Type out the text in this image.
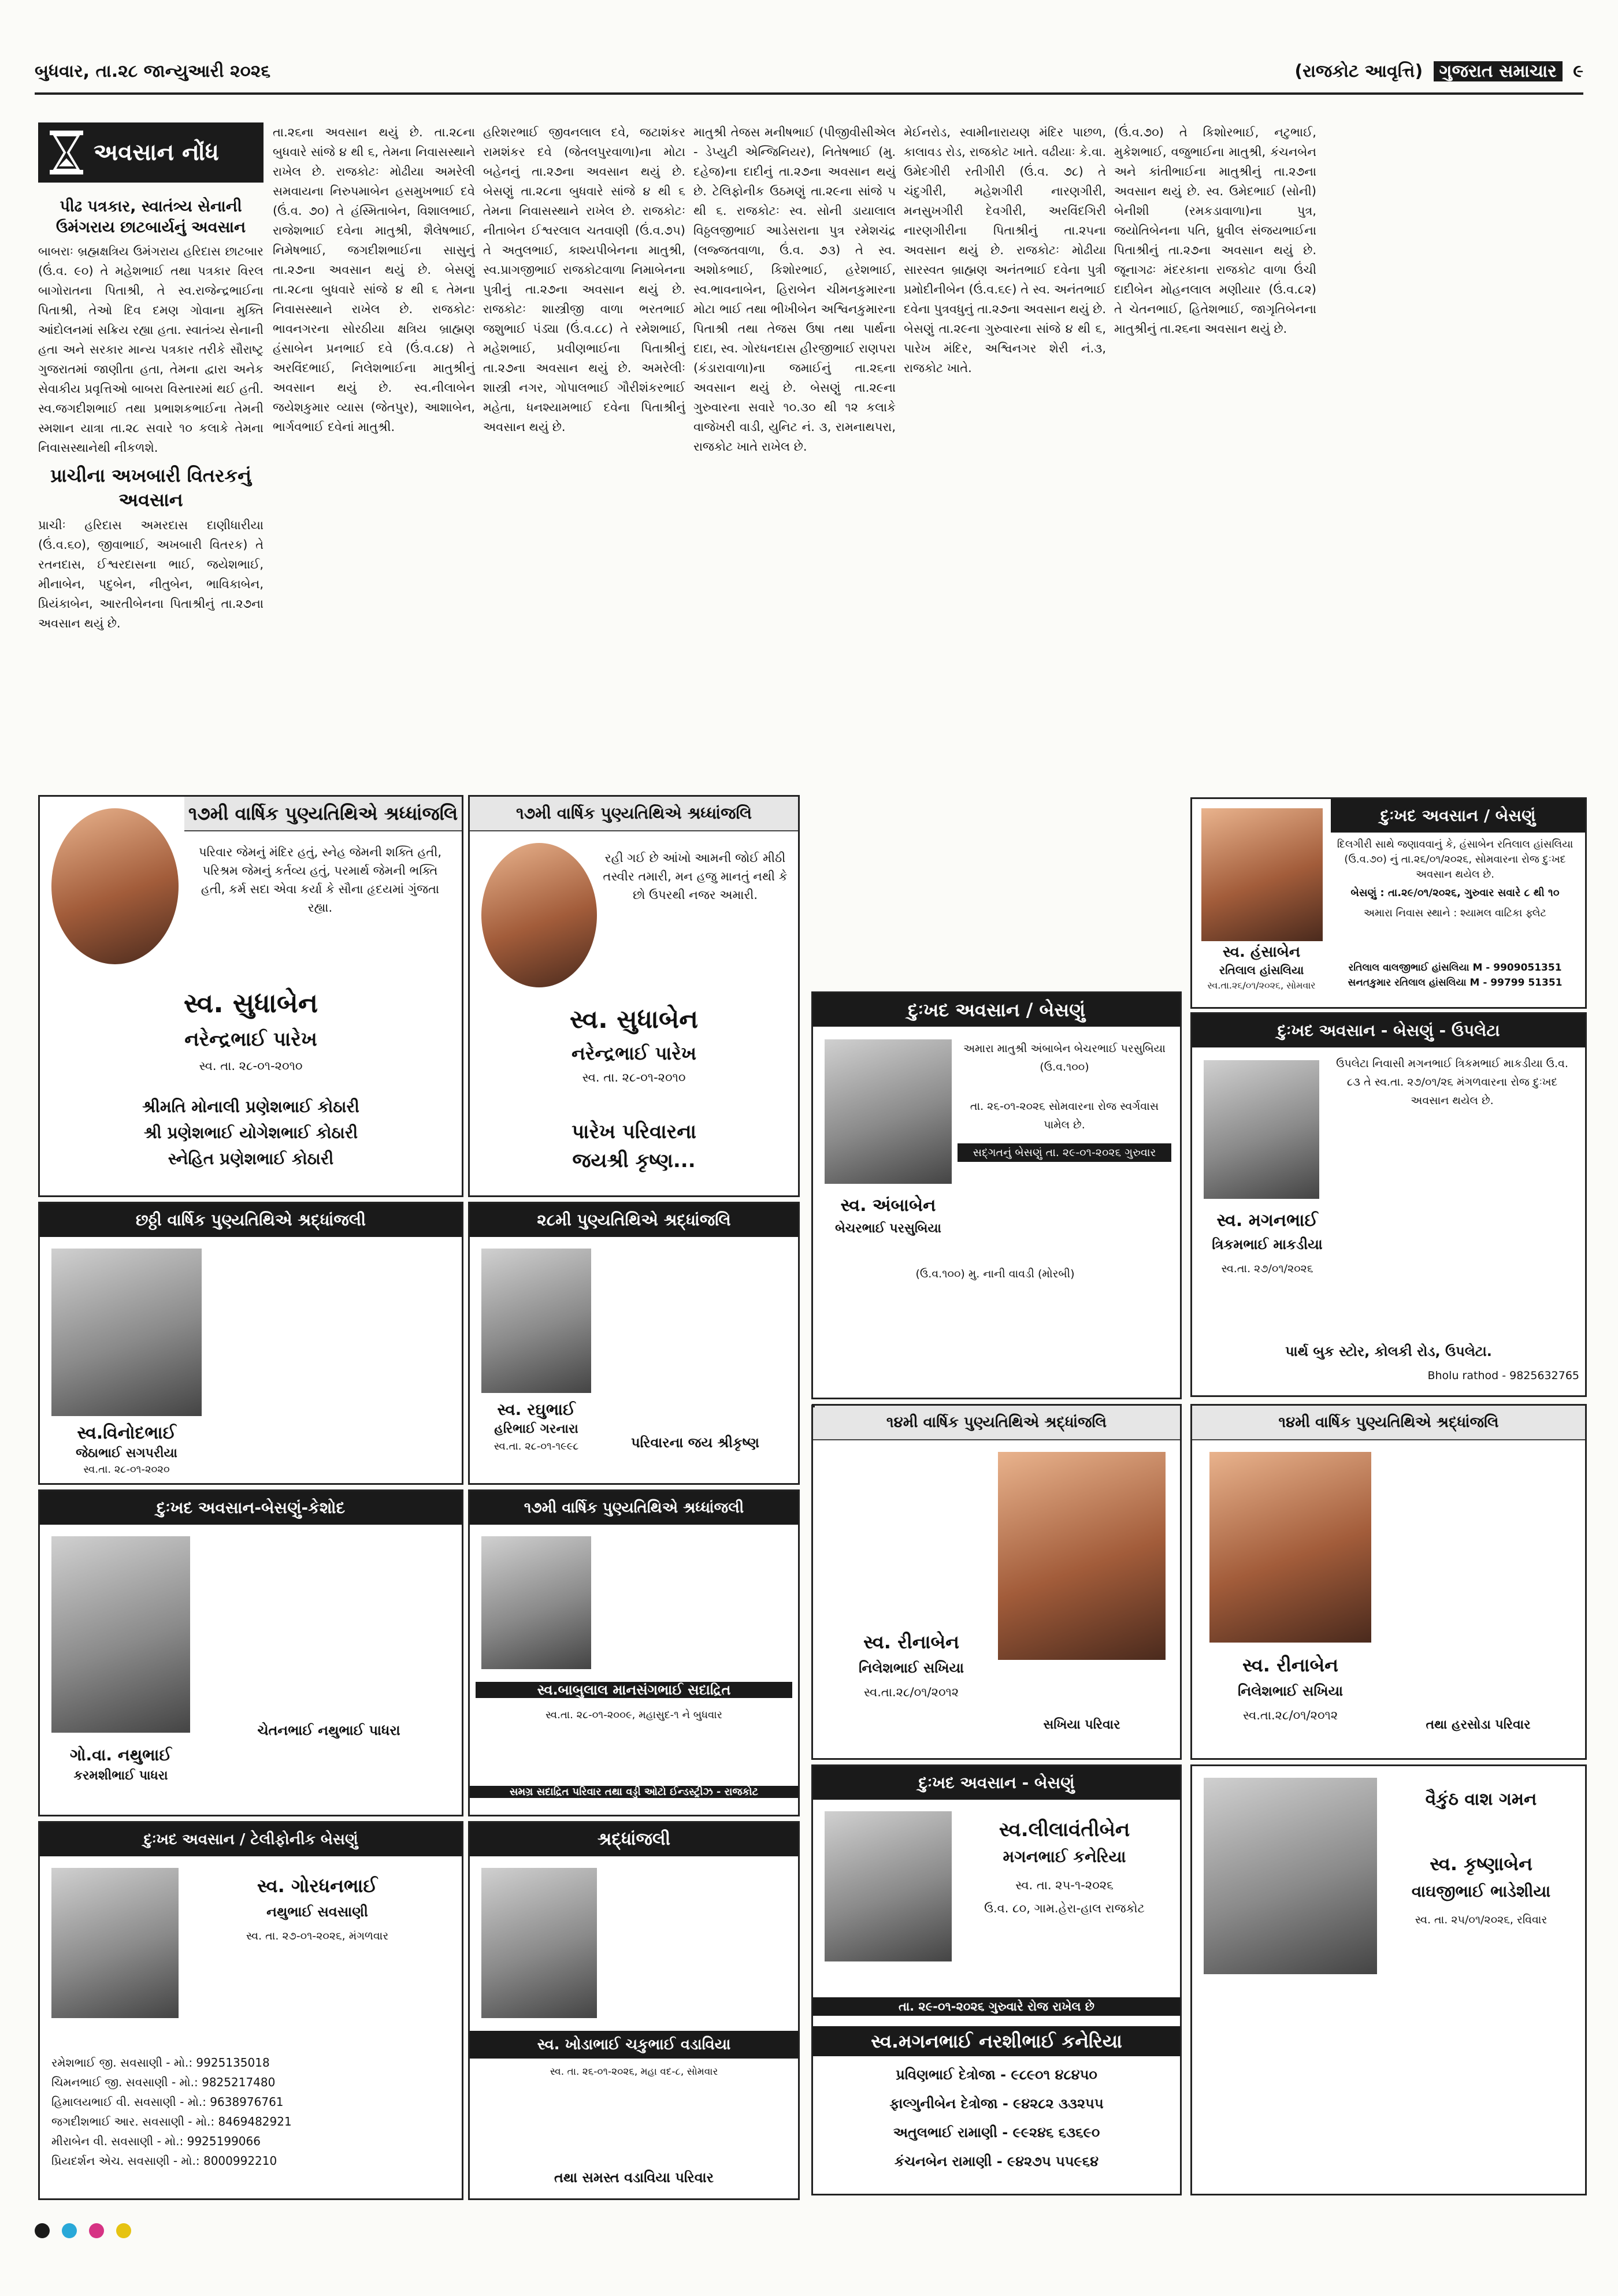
બુધવાર, તા.૨૮ જાન્યુઆરી ૨૦૨૬	(રાજકોટ આવૃત્તિ) ગુજરાત સમાચાર ૯
અવસાન નોંધ
પીઢ પત્રકાર, સ્વાતંત્ર્ય સેનાની ઉમંગરાય છાટબાર્યનું અવસાન

બાબરાઃ બ્રહ્મક્ષત્રિય ઉમંગરાય હરિદાસ છાટબાર (ઉં.વ. ૯૦) તે મહેશભાઈ તથા પત્રકાર વિરલ બાગોરાતના પિતાશ્રી, તે સ્વ.રાજેન્દ્રભાઈના પિતાશ્રી, તેઓ દિવ દમણ ગોવાના મુક્તિ આંદોલનમાં સક્રિય રહ્યા હતા. સ્વાતંત્ર્ય સેનાની હતા અને સરકાર માન્ય પત્રકાર તરીકે સૌરાષ્ટ્ર ગુજરાતમાં જાણીતા હતા, તેમના દ્વારા અનેક સેવાકીય પ્રવૃત્તિઓ બાબરા વિસ્તારમાં થઈ હતી. સ્વ.જગદીશભાઈ તથા પ્રભાશકભાઈના તેમની સ્મશાન યાત્રા તા.૨૮ સવારે ૧૦ કલાકે તેમના નિવાસસ્થાનેથી નીકળશે.

પ્રાચીના અખબારી વિતરકનું અવસાન

પ્રાચીઃ હરિદાસ અમરદાસ દાણીધારીયા (ઉં.વ.૬૦), જીવાભાઈ, અખબારી વિતરક) તે રતનદાસ, ઈશ્વરદાસના ભાઈ, જયેશભાઈ, મીનાબેન, પદુબેન, નીતુબેન, ભાવિકાબેન, પ્રિયંકાબેન, આરતીબેનના પિતાશ્રીનું તા.૨૭ના અવસાન થયું છે.

તા.૨૬ના અવસાન થયું છે. તા.૨૮ના બુધવારે સાંજે ૪ થી ૬, તેમના નિવાસસ્થાને રાખેલ છે. રાજકોટઃ મોઢીયા અમરેલી સમવાયના નિરુપમાબેન હસમુખભાઈ દવે (ઉં.વ. ૭૦) તે હંસ્મિતાબેન, વિશાલભાઈ, રાજેશભાઈ દવેના માતુશ્રી, શૈલેષભાઈ, નિમેષભાઈ, જગદીશભાઈના સાસુનું તા.૨૭ના અવસાન થયું છે. બેસણું તા.૨૮ના બુધવારે સાંજે ૪ થી ૬ તેમના નિવાસસ્થાને રાખેલ છે. રાજકોટઃ ભાવનગરના સોરઠીયા ક્ષત્રિય બ્રાહ્મણ હંસાબેન પ્રનભાઈ દવે (ઉં.વ.૮૪) તે અરવિંદભાઈ, નિલેશભાઈના માતુશ્રીનું અવસાન થયું છે. સ્વ.નીલાબેન જયેશકુમાર વ્યાસ (જેતપુર), આશાબેન, ભાર્ગવભાઈ દવેનાં માતુશ્રી.

હરિશરભાઈ જીવનલાલ દવે, જટાશંકર રામશંકર દવે (જેતલપુરવાળા)ના મોટા બહેનનું તા.૨૭ના અવસાન થયું છે. બેસણું તા.૨૮ના બુધવારે સાંજે ૪ થી ૬ તેમના નિવાસસ્થાને રાખેલ છે. રાજકોટઃ નીતાબેન ઈશ્વરલાલ ચતવાણી (ઉં.વ.૭૫) તે અતુલભાઈ, કાશ્યપીબેનના માતુશ્રી, સ્વ.પ્રાગજીભાઈ રાજકોટવાળા નિમાબેનના પુત્રીનું તા.૨૭ના અવસાન થયું છે. રાજકોટઃ શાસ્ત્રીજી વાળા ભરતભાઈ જશુભાઈ પંડ્યા (ઉં.વ.૮૮) તે રમેશભાઈ, મહેશભાઈ, પ્રવીણભાઈના પિતાશ્રીનું તા.૨૭ના અવસાન થયું છે. અમરેલીઃ શાસ્ત્રી નગર, ગોપાલભાઈ ગૌરીશંકરભાઈ મહેતા, ધનશ્યામભાઈ દવેના પિતાશ્રીનું અવસાન થયું છે.

માતુશ્રી તેજસ મનીષભાઈ (પીજીવીસીએલ - ડેપ્યુટી એન્જિનિયર), નિતેષભાઈ (મુ. દહેજ)ના દાદીનું તા.૨૭ના અવસાન થયું છે. ટેલિફોનીક ઉઠમણું તા.૨૯ના સાંજે ૫ થી ૬. રાજકોટઃ સ્વ. સોની ડાયાલાલ વિઠ્ઠલજીભાઈ આડેસરાના પુત્ર રમેશચંદ્ર (લજ્જતવાળા, ઉં.વ. ૭૩) તે સ્વ. અશોકભાઈ, કિશોરભાઈ, હરેશભાઈ, સ્વ.ભાવનાબેન, હિરાબેન ચીમનકુમારના મોટા ભાઈ તથા ભીખીબેન અશ્વિનકુમારના પિતાશ્રી તથા તેજસ ઉષા તથા પાર્થના દાદા, સ્વ. ગોરધનદાસ હીરજીભાઈ રાણપરા (કંડારાવાળા)ના જમાઈનું તા.૨૬ના અવસાન થયું છે. બેસણું તા.૨૯ના ગુરુવારના સવારે ૧૦.૩૦ થી ૧૨ કલાકે વાજેખરી વાડી, યુનિટ નં. ૩, રામનાથપરા, રાજકોટ ખાતે રાખેલ છે.

મેઈનરોડ, સ્વામીનારાયણ મંદિર પાછળ, કાલાવડ રોડ, રાજકોટ ખાતે. વઢીયાઃ કે.વા. ઉમેદગીરી રતીગીરી (ઉં.વ. ૭૮) તે ચંદુગીરી, મહેશગીરી નારણગીરી, મનસુખગીરી દેવગીરી, અરવિંદગિરી નારણગીરીના પિતાશ્રીનું તા.૨૫ના અવસાન થયું છે. રાજકોટઃ મોઢીયા સારસ્વત બ્રાહ્મણ અનંતભાઈ દવેના પુત્રી પ્રમોદીનીબેન (ઉં.વ.૬૯) તે સ્વ. અનંતભાઈ દવેના પુત્રવધુનું તા.૨૭ના અવસાન થયું છે. બેસણું તા.૨૯ના ગુરુવારના સાંજે ૪ થી ૬, પારેખ મંદિર, અશ્વિનગર શેરી નં.૩, રાજકોટ ખાતે.

(ઉં.વ.૭૦) તે કિશોરભાઈ, નટુભાઈ, મુકેશભાઈ, વજુભાઈના માતુશ્રી, કંચનબેન અને કાંતીભાઈના માતુશ્રીનું તા.૨૭ના અવસાન થયું છે. સ્વ. ઉમેદભાઈ (સોની) બેનીશી (રમકડાવાળા)ના પુત્ર, જયોતિબેનના પતિ, ધ્રુવીલ સંજયભાઈના પિતાશ્રીનું તા.૨૭ના અવસાન થયું છે. જૂનાગઢઃ મંદરકાના રાજકોટ વાળા ઉંચી દાદીબેન મોહનલાલ મણીયાર (ઉં.વ.૮૨) તે ચેતનભાઈ, હિતેશભાઈ, જાગૃતિબેનના માતુશ્રીનું તા.૨૬ના અવસાન થયું છે.

૧૭મી વાર્ષિક પુણ્યતિથિએ શ્રધ્ધાંજલિ
પરિવાર જેમનું મંદિર હતું, સ્નેહ જેમની શક્તિ હતી, પરિશ્રમ જેમનું કર્તવ્ય હતું, પરમાર્થ જેમની ભક્તિ હતી, કર્મ સદા એવા કર્યા કે સૌના હૃદયમાં ગુંજતા રહ્યા.
સ્વ. સુધાબેન
નરેન્દ્રભાઈ પારેખ
સ્વ. તા. ૨૮-૦૧-૨૦૧૦
શ્રીમતિ મોનાલી પ્રણેશભાઈ કોઠારી
શ્રી પ્રણેશભાઈ યોગેશભાઈ કોઠારી
સ્નેહિત પ્રણેશભાઈ કોઠારી
૧૭મી વાર્ષિક પુણ્યતિથિએ શ્રધ્ધાંજલિ
રહી ગઈ છે આંખો આમની જોઈ મીઠી તસ્વીર તમારી, મન હજુ માનતું નથી કે છો ઉપરથી નજર અમારી.
સ્વ. સુધાબેન
નરેન્દ્રભાઈ પારેખ
સ્વ. તા. ૨૮-૦૧-૨૦૧૦
પારેખ પરિવારના
જયશ્રી કૃષ્ણ...
દુઃખદ અવસાન / બેસણું
અમારા માતુશ્રી અંબાબેન બેચરભાઈ પરસુબિયા (ઉ.વ.૧૦૦)
તા. ૨૬-૦૧-૨૦૨૬ સોમવારના રોજ સ્વર્ગવાસ પામેલ છે.
સદ્ગતનું બેસણું તા. ૨૯-૦૧-૨૦૨૬ ગુરુવાર
સ્વ. અંબાબેન
બેચરભાઈ પરસુબિયા
(ઉ.વ.૧૦૦) મુ. નાની વાવડી (મોરબી)
દુઃખદ અવસાન - બેસણું - ઉપલેટા
ઉપલેટા નિવાસી મગનભાઈ ત્રિકમભાઈ માકડીયા ઉ.વ. ૮૩ તે સ્વ.તા. ૨૭/૦૧/૨૬ મંગળવારના રોજ દુઃખદ અવસાન થયેલ છે.
સ્વ. મગનભાઈ
ત્રિકમભાઈ માકડીયા
સ્વ.તા. ૨૭/૦૧/૨૦૨૬
પાર્થ બુક સ્ટોર, કોલકી રોડ, ઉપલેટા.
Bholu rathod - 9825632765
દુઃખદ અવસાન / બેસણું
દિલગીરી સાથે જણાવવાનું કે, હંસાબેન રતિલાલ હાંસલિયા (ઉ.વ.૭૦) નું તા.૨૬/૦૧/૨૦૨૬, સોમવારના રોજ દુઃખદ અવસાન થયેલ છે.
બેસણું : તા.૨૯/૦૧/૨૦૨૬, ગુરુવાર સવારે ૮ થી ૧૦
અમારા નિવાસ સ્થાને : શ્યામલ વાટિકા ફ્લેટ
સ્વ. હંસાબેન
રતિલાલ હાંસલિયા
સ્વ.તા.૨૬/૦૧/૨૦૨૬, સોમવાર
રતિલાલ વાલજીભાઈ હાંસલિયા M - 9909051351
સનતકુમાર રતિલાલ હાંસલિયા M - 99799 51351
૧૪મી વાર્ષિક પુણ્યતિથિએ શ્રદ્ધાંજલિ
સ્વ. રીનાબેન
નિલેશભાઈ સખિયા
સ્વ.તા.૨૮/૦૧/૨૦૧૨
સખિયા પરિવાર
૧૪મી વાર્ષિક પુણ્યતિથિએ શ્રદ્ધાંજલિ
સ્વ. રીનાબેન
નિલેશભાઈ સખિયા
સ્વ.તા.૨૮/૦૧/૨૦૧૨
તથા હરસોડા પરિવાર
છઠ્ઠી વાર્ષિક પુણ્યતિથિએ શ્રદ્ધાંજલી
સ્વ.વિનોદભાઈ
જેઠાભાઈ સગપરીયા
સ્વ.તા. ૨૮-૦૧-૨૦૨૦
૨૮મી પુણ્યતિથિએ શ્રદ્ધાંજલિ
સ્વ. રઘુભાઈ
હરિભાઈ ગરનારા
સ્વ.તા. ૨૮-૦૧-૧૯૯૮	પરિવારના જય શ્રીકૃષ્ણ
દુઃખદ અવસાન-બેસણું-કેશોદ
ગો.વા. નથુભાઈ
કરમશીભાઈ પાધરા
ચેતનભાઈ નથુભાઈ પાધરા
૧૭મી વાર્ષિક પુણ્યતિથિએ શ્રધ્ધાંજલી
સ્વ.બાબુલાલ માનસંગભાઈ સદાદ્રિત
સ્વ.તા. ૨૮-૦૧-૨૦૦૯, મહાસુદ-૧ ને બુધવાર
સમગ્ર સદાદ્રિત પરિવાર તથા વડ્ડી ઓટો ઈન્ડસ્ટ્રીઝ - રાજકોટ	દુઃખદ અવસાન - બેસણું
સ્વ.લીલાવંતીબેન
મગનભાઈ કનેરિયા
સ્વ. તા. ૨૫-૧-૨૦૨૬
ઉ.વ. ૮૦, ગામ.હેરા-હાલ રાજકોટ
તા. ૨૯-૦૧-૨૦૨૬ ગુરુવારે રોજ રાખેલ છે
સ્વ.મગનભાઈ નરશીભાઈ કનેરિયા
પ્રવિણભાઈ દેત્રોજા - ૯૮૯૦૧ ૪૮૪૫૦
ફાલ્ગુનીબેન દેત્રોજા - ૯૪૨૮૨ ૩૩૨૫૫
અતુલભાઈ રામાણી - ૯૯૨૪૬ ૬૩૬૯૦
કંચનબેન રામાણી - ૯૪૨૭૫ ૫૫૯૬૪
વૈકુંઠ વાશ ગમન
સ્વ. કૃષ્ણાબેન
વાઘજીભાઈ ભાડેશીયા
સ્વ. તા. ૨૫/૦૧/૨૦૨૬, રવિવાર
દુઃખદ અવસાન / ટેલીફોનીક બેસણું
સ્વ. ગોરધનભાઈ
નથુભાઈ સવસાણી
સ્વ. તા. ૨૭-૦૧-૨૦૨૬, મંગળવાર
રમેશભાઈ જી. સવસાણી - મો.: 9925135018
ચિમનભાઈ જી. સવસાણી - મો.: 9825217480
હિમાલયભાઈ વી. સવસાણી - મો.: 9638976761
જગદીશભાઈ આર. સવસાણી - મો.: 8469482921
મીરાબેન વી. સવસાણી - મો.: 9925199066
પ્રિયદર્શન એચ. સવસાણી - મો.: 8000992210
શ્રદ્ધાંજલી
સ્વ. ખોડાભાઈ ચકુભાઈ વડાવિયા
સ્વ. તા. ૨૬-૦૧-૨૦૨૬, મહા વદ-૮, સોમવાર
તથા સમસ્ત વડાવિયા પરિવાર
